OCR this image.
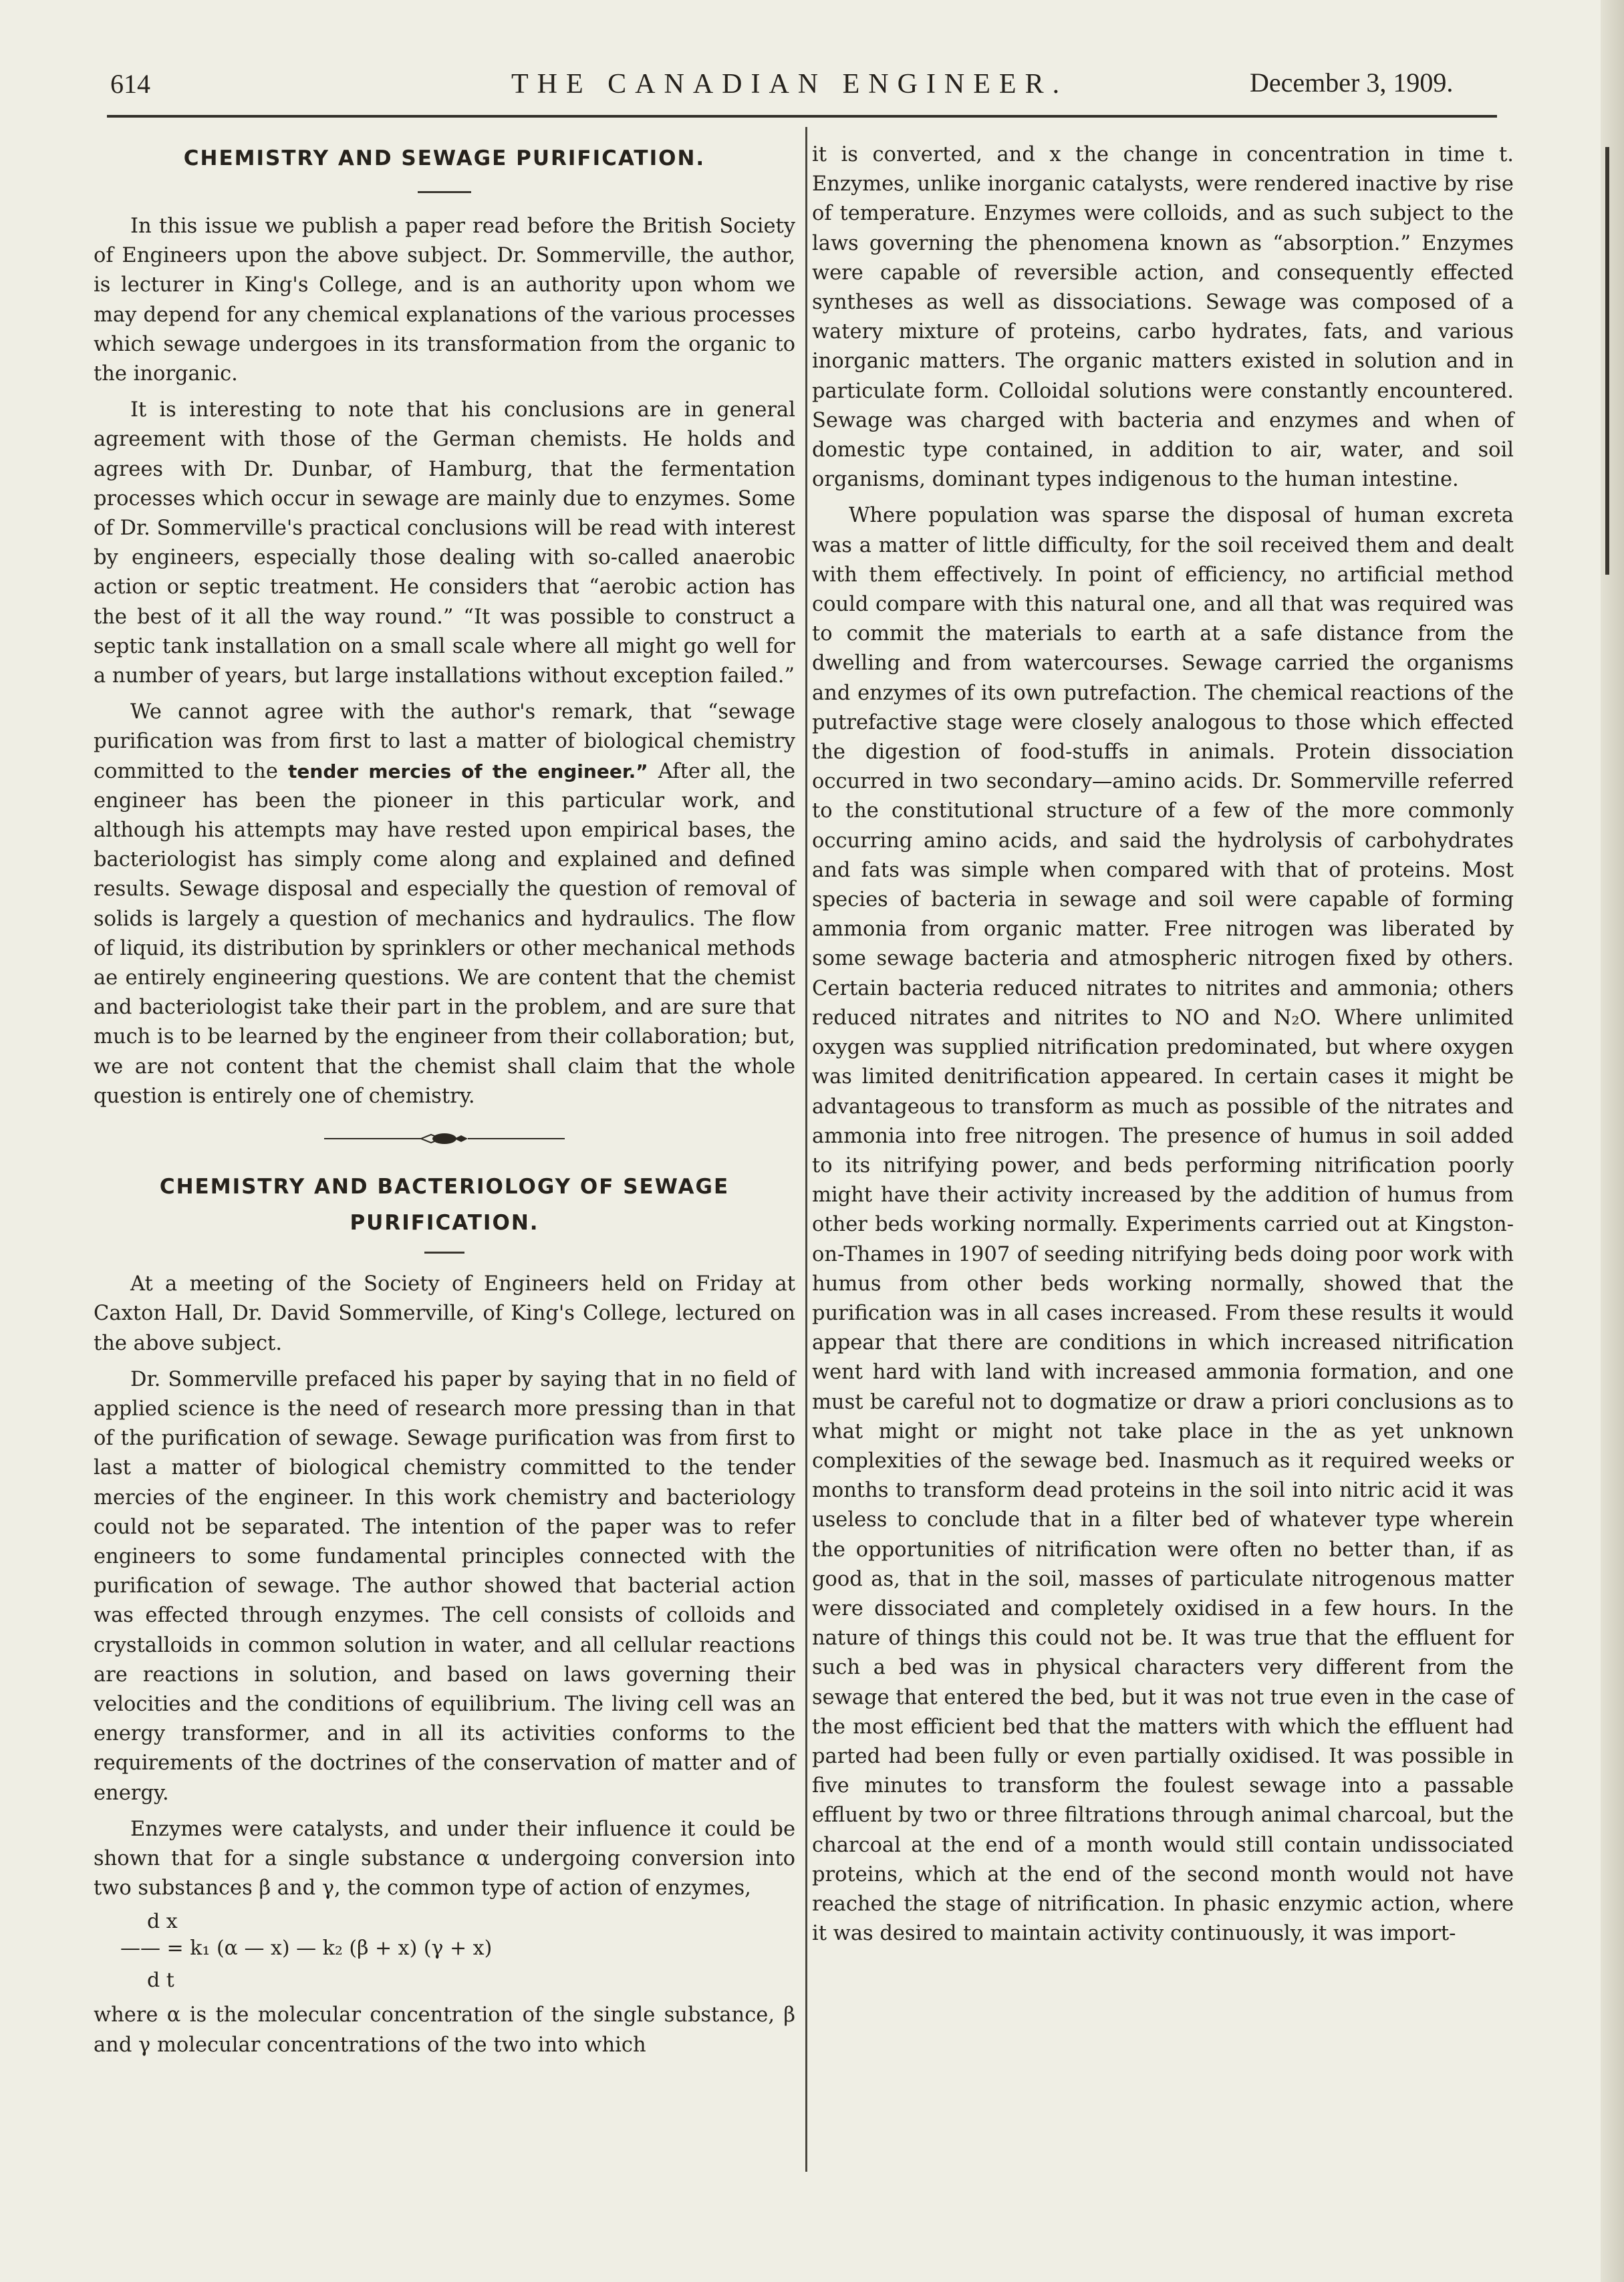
614	THE CANADIAN ENGINEER.	December 3, 1909.
CHEMISTRY AND SEWAGE PURIFICATION.

In this issue we publish a paper read before the British Society of Engineers upon the above subject. Dr. Sommerville, the author, is lecturer in King's College, and is an authority upon whom we may depend for any chemical explanations of the various processes which sewage undergoes in its transformation from the organic to the inorganic.

It is interesting to note that his conclusions are in general agreement with those of the German chemists. He holds and agrees with Dr. Dunbar, of Hamburg, that the fermentation processes which occur in sewage are mainly due to enzymes. Some of Dr. Sommerville's practical conclusions will be read with interest by engineers, especially those dealing with so-called anaerobic action or septic treatment. He considers that “aerobic action has the best of it all the way round.” “It was possible to construct a septic tank installation on a small scale where all might go well for a number of years, but large installations without exception failed.”

We cannot agree with the author's remark, that “sewage purification was from first to last a matter of biological chemistry committed to the tender mercies of the engineer.” After all, the engineer has been the pioneer in this particular work, and although his attempts may have rested upon empirical bases, the bacteriologist has simply come along and explained and defined results. Sewage disposal and especially the question of removal of solids is largely a question of mechanics and hydraulics. The flow of liquid, its distribution by sprinklers or other mechanical methods ae entirely engineering questions. We are content that the chemist and bacteriologist take their part in the problem, and are sure that much is to be learned by the engineer from their collaboration; but, we are not content that the chemist shall claim that the whole question is entirely one of chemistry.

CHEMISTRY AND BACTERIOLOGY OF SEWAGE
PURIFICATION.

At a meeting of the Society of Engineers held on Friday at Caxton Hall, Dr. David Sommerville, of King's College, lectured on the above subject.

Dr. Sommerville prefaced his paper by saying that in no field of applied science is the need of research more pressing than in that of the purification of sewage. Sewage purification was from first to last a matter of biological chemistry committed to the tender mercies of the engineer. In this work chemistry and bacteriology could not be separated. The intention of the paper was to refer engineers to some fundamental principles connected with the purification of sewage. The author showed that bacterial action was effected through enzymes. The cell consists of colloids and crystalloids in common solution in water, and all cellular reactions are reactions in solution, and based on laws governing their velocities and the conditions of equilibrium. The living cell was an energy transformer, and in all its activities conforms to the requirements of the doctrines of the conservation of matter and of energy.

Enzymes were catalysts, and under their influence it could be shown that for a single substance α undergoing conversion into two substances β and γ, the common type of action of enzymes,

d x
—— = k₁ (α — x) — k₂ (β + x) (γ + x)
d t

where α is the molecular concentration of the single substance, β and γ molecular concentrations of the two into which

it is converted, and x the change in concentration in time t. Enzymes, unlike inorganic catalysts, were rendered inactive by rise of temperature. Enzymes were colloids, and as such subject to the laws governing the phenomena known as “absorption.” Enzymes were capable of reversible action, and consequently effected syntheses as well as dissociations. Sewage was composed of a watery mixture of proteins, carbo hydrates, fats, and various inorganic matters. The organic matters existed in solution and in particulate form. Colloidal solutions were constantly encountered. Sewage was charged with bacteria and enzymes and when of domestic type contained, in addition to air, water, and soil organisms, dominant types indigenous to the human intestine.

Where population was sparse the disposal of human excreta was a matter of little difficulty, for the soil received them and dealt with them effectively. In point of efficiency, no artificial method could compare with this natural one, and all that was required was to commit the materials to earth at a safe distance from the dwelling and from watercourses. Sewage carried the organisms and enzymes of its own putrefaction. The chemical reactions of the putrefactive stage were closely analogous to those which effected the digestion of food-stuffs in animals. Protein dissociation occurred in two secondary—amino acids. Dr. Sommerville referred to the constitutional structure of a few of the more commonly occurring amino acids, and said the hydrolysis of carbohydrates and fats was simple when compared with that of proteins. Most species of bacteria in sewage and soil were capable of forming ammonia from organic matter. Free nitrogen was liberated by some sewage bacteria and atmospheric nitrogen fixed by others. Certain bacteria reduced nitrates to nitrites and ammonia; others reduced nitrates and nitrites to NO and N₂O. Where unlimited oxygen was supplied nitrification predominated, but where oxygen was limited denitrification appeared. In certain cases it might be advantageous to transform as much as possible of the nitrates and ammonia into free nitrogen. The presence of humus in soil added to its nitrifying power, and beds performing nitrification poorly might have their activity increased by the addition of humus from other beds working normally. Experiments carried out at Kingston-on-Thames in 1907 of seeding nitrifying beds doing poor work with humus from other beds working normally, showed that the purification was in all cases increased. From these results it would appear that there are conditions in which increased nitrification went hard with land with increased ammonia formation, and one must be careful not to dogmatize or draw a priori conclusions as to what might or might not take place in the as yet unknown complexities of the sewage bed. Inasmuch as it required weeks or months to transform dead proteins in the soil into nitric acid it was useless to conclude that in a filter bed of whatever type wherein the opportunities of nitrification were often no better than, if as good as, that in the soil, masses of particulate nitrogenous matter were dissociated and completely oxidised in a few hours. In the nature of things this could not be. It was true that the effluent for such a bed was in physical characters very different from the sewage that entered the bed, but it was not true even in the case of the most efficient bed that the matters with which the effluent had parted had been fully or even partially oxidised. It was possible in five minutes to transform the foulest sewage into a passable effluent by two or three filtrations through animal charcoal, but the charcoal at the end of a month would still contain undissociated proteins, which at the end of the second month would not have reached the stage of nitrification. In phasic enzymic action, where it was desired to maintain activity continuously, it was import-
